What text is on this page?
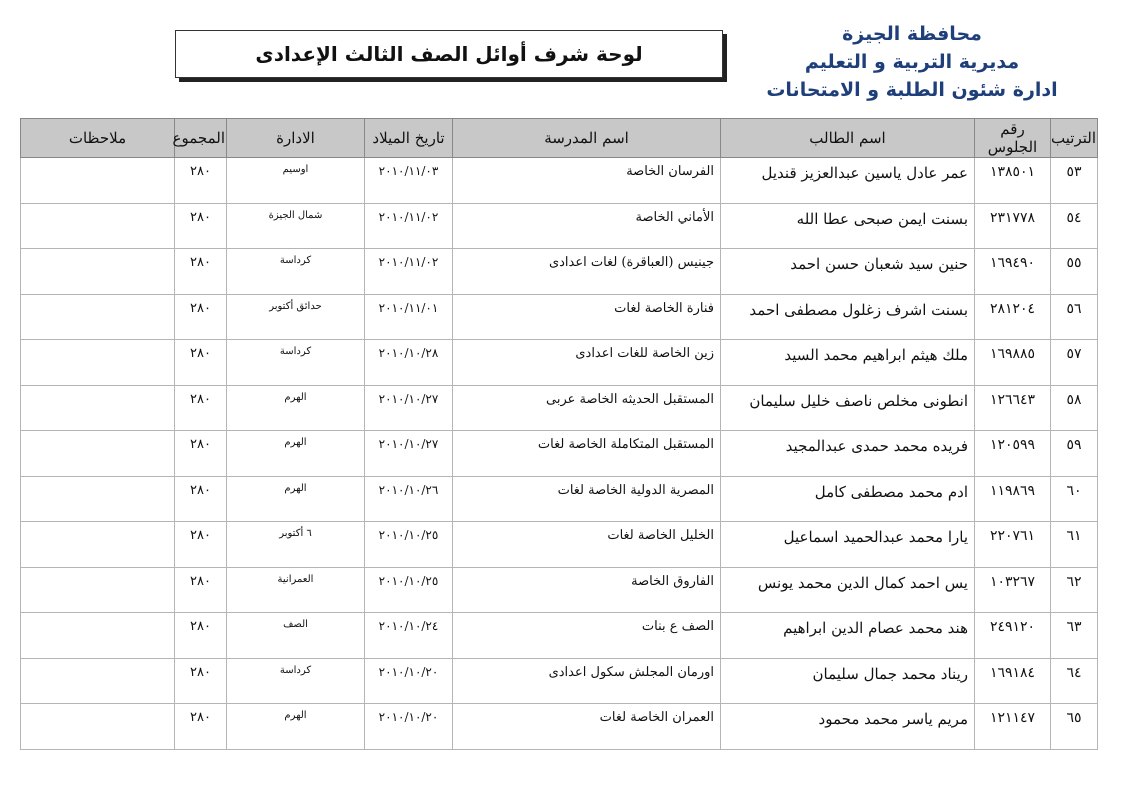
محافظة الجيزة
مديرية التربية و التعليم
ادارة شئون الطلبة و الامتحانات
لوحة شرف أوائل الصف الثالث الإعدادى
الترتيب	رقم الجلوس	اسم الطالب	اسم المدرسة	تاريخ الميلاد	الادارة	المجموع	ملاحظات
٥٣	١٣٨٥٠١	عمر عادل ياسين عبدالعزيز قنديل	الفرسان الخاصة	٢٠١٠/١١/٠٣	اوسيم	٢٨٠	
٥٤	٢٣١٧٧٨	بسنت ايمن صبحى عطا الله	الأماني الخاصة	٢٠١٠/١١/٠٢	شمال الجيزة	٢٨٠	
٥٥	١٦٩٤٩٠	حنين سيد شعبان حسن احمد	جينيس (العباقرة) لغات اعدادى	٢٠١٠/١١/٠٢	كرداسة	٢٨٠	
٥٦	٢٨١٢٠٤	بسنت اشرف زغلول مصطفى احمد	فنارة الخاصة لغات	٢٠١٠/١١/٠١	حدائق أكتوبر	٢٨٠	
٥٧	١٦٩٨٨٥	ملك هيثم ابراهيم محمد السيد	زين الخاصة للغات اعدادى	٢٠١٠/١٠/٢٨	كرداسة	٢٨٠	
٥٨	١٢٦٦٤٣	انطونى مخلص ناصف خليل سليمان	المستقبل الحديثه الخاصة عربى	٢٠١٠/١٠/٢٧	الهرم	٢٨٠	
٥٩	١٢٠٥٩٩	فريده محمد حمدى عبدالمجيد	المستقبل المتكاملة الخاصة لغات	٢٠١٠/١٠/٢٧	الهرم	٢٨٠	
٦٠	١١٩٨٦٩	ادم محمد مصطفى كامل	المصرية الدولية الخاصة لغات	٢٠١٠/١٠/٢٦	الهرم	٢٨٠	
٦١	٢٢٠٧٦١	يارا محمد عبدالحميد اسماعيل	الخليل الخاصة لغات	٢٠١٠/١٠/٢٥	٦ أكتوبر	٢٨٠	
٦٢	١٠٣٢٦٧	يس احمد كمال الدين محمد يونس	الفاروق الخاصة	٢٠١٠/١٠/٢٥	العمرانية	٢٨٠	
٦٣	٢٤٩١٢٠	هند محمد عصام الدين ابراهيم	الصف ع بنات	٢٠١٠/١٠/٢٤	الصف	٢٨٠	
٦٤	١٦٩١٨٤	ريناد محمد جمال سليمان	اورمان المجلش سكول اعدادى	٢٠١٠/١٠/٢٠	كرداسة	٢٨٠	
٦٥	١٢١١٤٧	مريم ياسر محمد محمود	العمران الخاصة لغات	٢٠١٠/١٠/٢٠	الهرم	٢٨٠	
